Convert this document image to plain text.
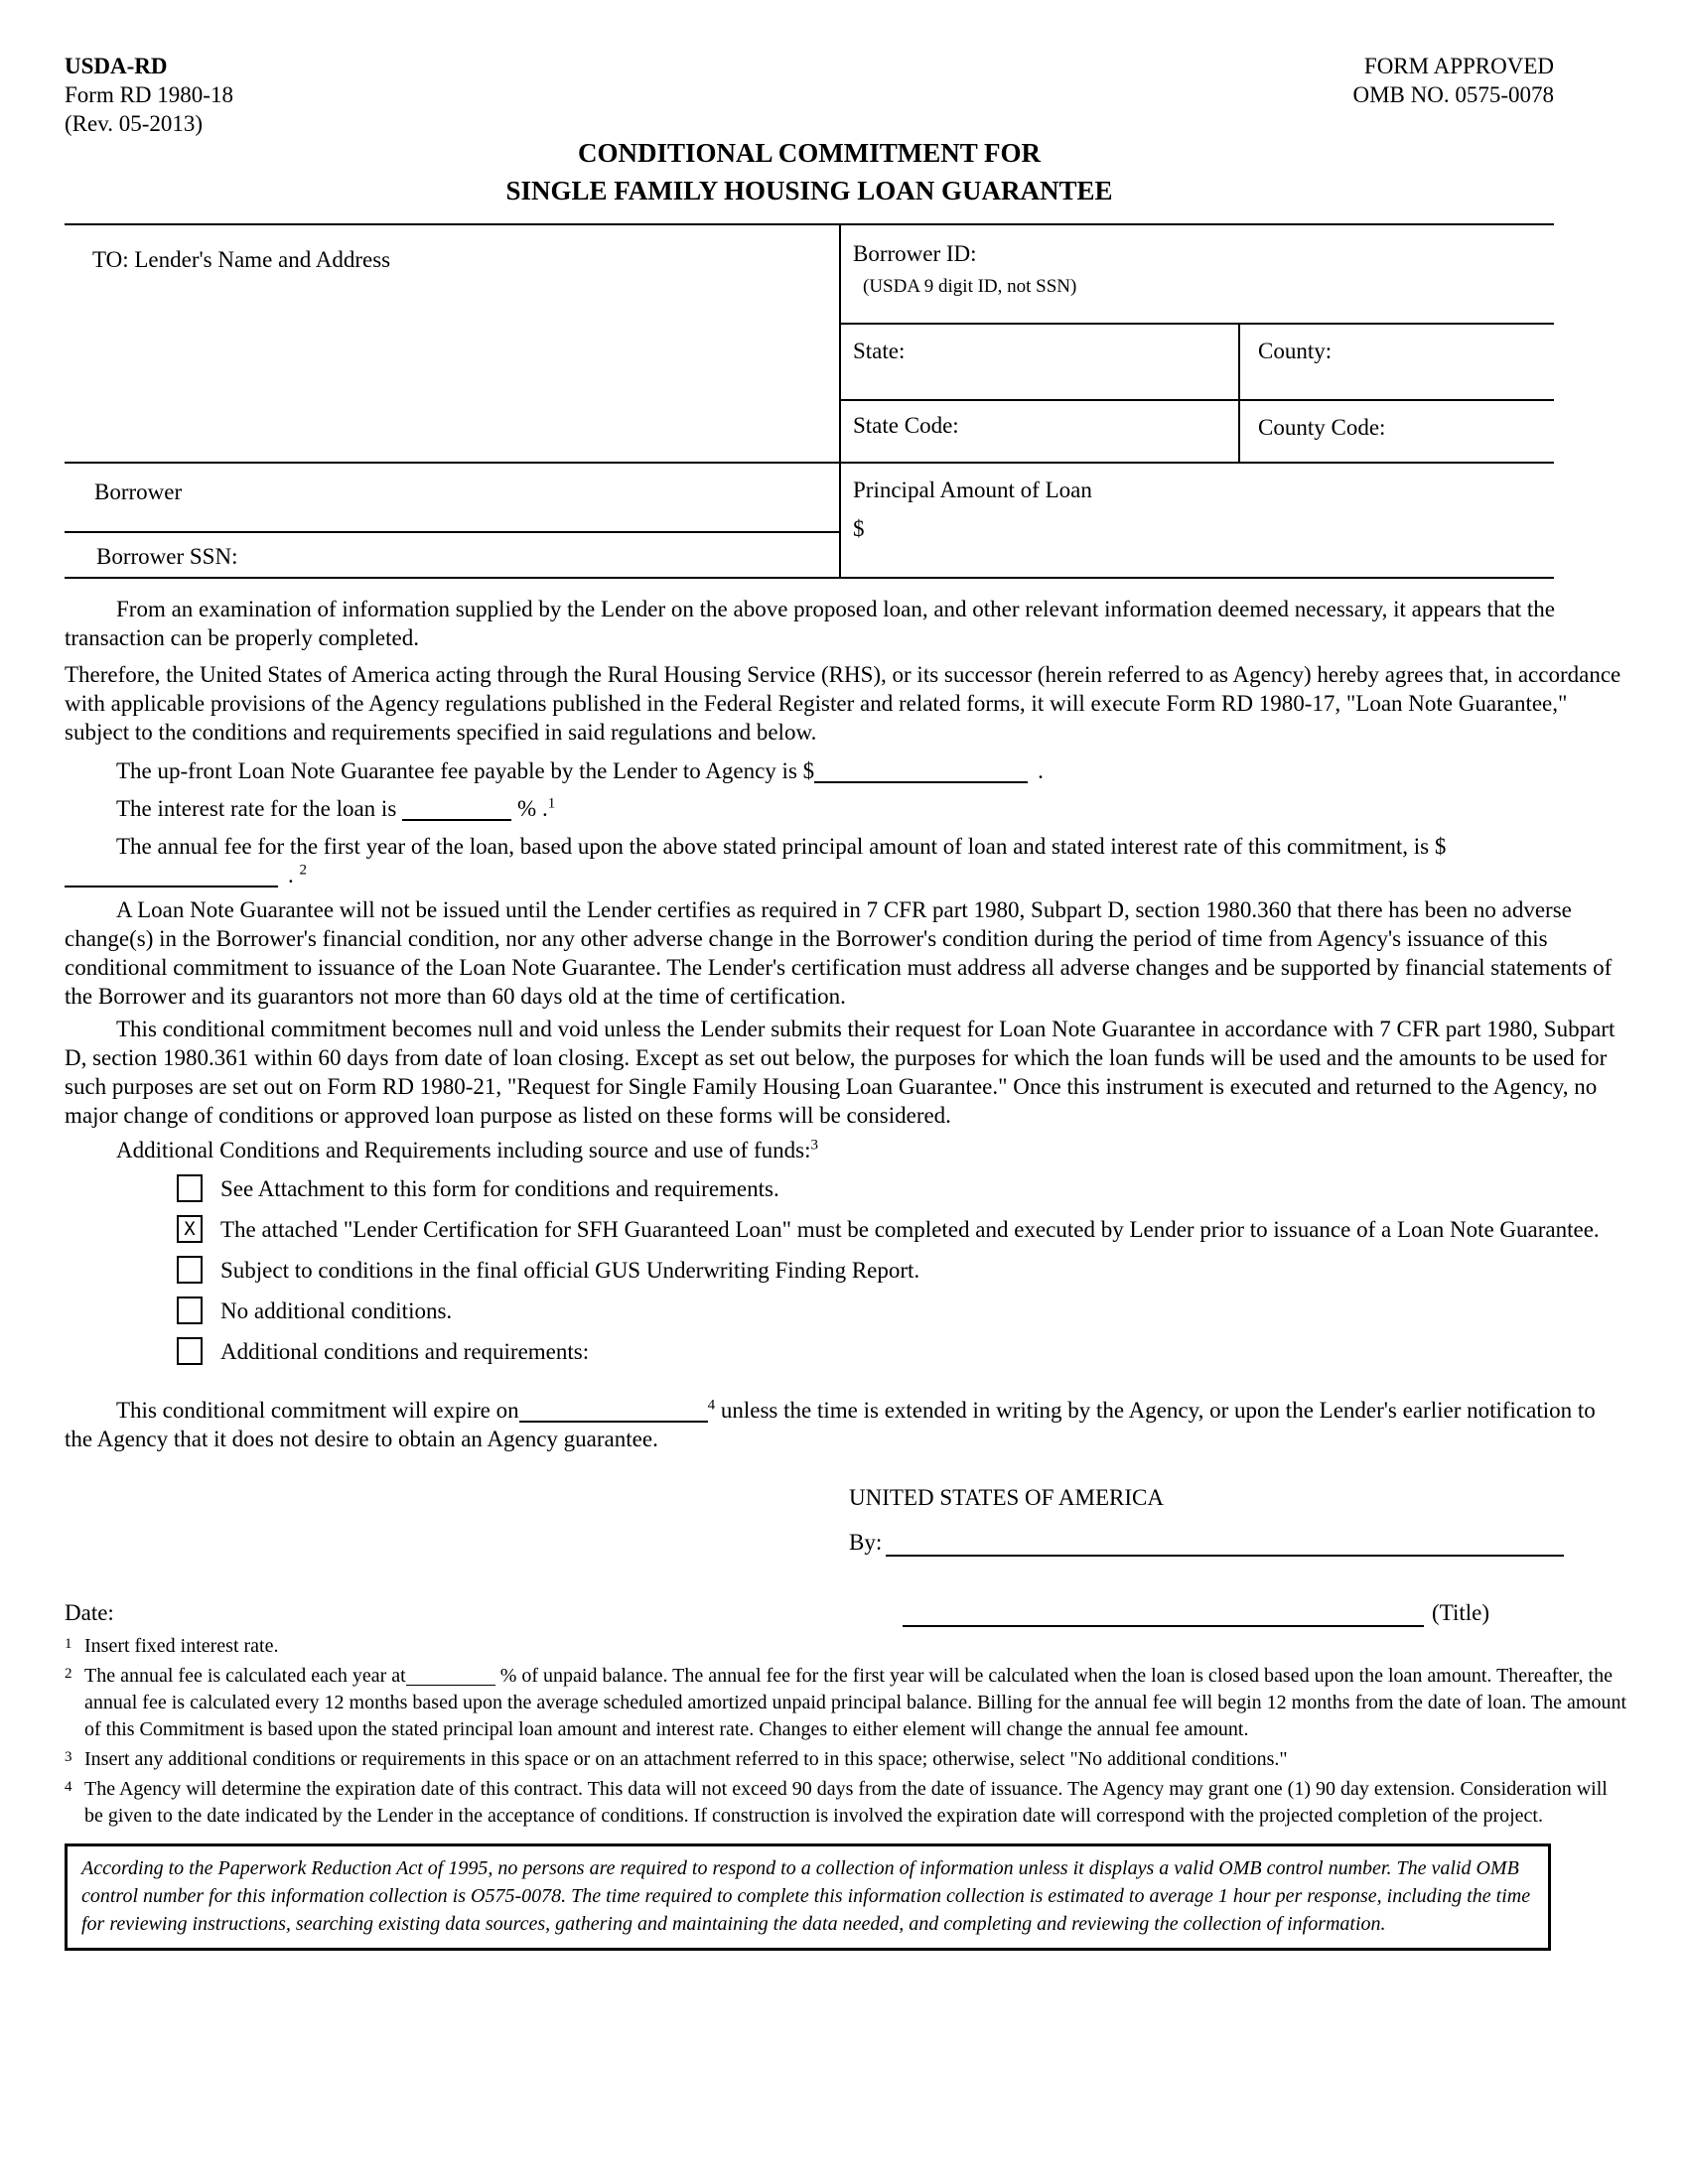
USDA-RD
Form RD 1980-18
(Rev. 05-2013)
FORM APPROVED
OMB NO. 0575-0078
CONDITIONAL COMMITMENT FOR
SINGLE FAMILY HOUSING LOAN GUARANTEE
TO: Lender's Name and Address	Borrower ID:
(USDA 9 digit ID, not SSN)
State:	County:
State Code:	County Code:
Borrower
Borrower SSN:
Principal Amount of Loan
$

From an examination of information supplied by the Lender on the above proposed loan, and other relevant information deemed necessary, it appears that the transaction can be properly completed.

Therefore, the United States of America acting through the Rural Housing Service (RHS), or its successor (herein referred to as Agency) hereby agrees that, in accordance with applicable provisions of the Agency regulations published in the Federal Register and related forms, it will execute Form RD 1980-17, "Loan Note Guarantee," subject to the conditions and requirements specified in said regulations and below.

The up-front Loan Note Guarantee fee payable by the Lender to Agency is $	.
The interest rate for the loan is	% .$^1$
The annual fee for the first year of the loan, based upon the above stated principal amount of loan and stated interest rate of this commitment, is $. $^2$

A Loan Note Guarantee will not be issued until the Lender certifies as required in 7 CFR part 1980, Subpart D, section 1980.360 that there has been no adverse change(s) in the Borrower's financial condition, nor any other adverse change in the Borrower's condition during the period of time from Agency's issuance of this conditional commitment to issuance of the Loan Note Guarantee. The Lender's certification must address all adverse changes and be supported by financial statements of the Borrower and its guarantors not more than 60 days old at the time of certification.

This conditional commitment becomes null and void unless the Lender submits their request for Loan Note Guarantee in accordance with 7 CFR part 1980, Subpart D, section 1980.361 within 60 days from date of loan closing. Except as set out below, the purposes for which the loan funds will be used and the amounts to be used for such purposes are set out on Form RD 1980-21, "Request for Single Family Housing Loan Guarantee." Once this instrument is executed and returned to the Agency, no major change of conditions or approved loan purpose as listed on these forms will be considered.

Additional Conditions and Requirements including source and use of funds:$^3$
See Attachment to this form for conditions and requirements.
X	The attached "Lender Certification for SFH Guaranteed Loan" must be completed and executed by Lender prior to issuance of a Loan Note Guarantee.
Subject to conditions in the final official GUS Underwriting Finding Report.
No additional conditions.
Additional conditions and requirements:

This conditional commitment will expire on	$^4$ unless the time is extended in writing by the Agency, or upon the Lender's earlier notification to the Agency that it does not desire to obtain an Agency guarantee.

UNITED STATES OF AMERICA
By:
Date:	(Title)
1 Insert fixed interest rate.
2 The annual fee is calculated each year at	% of unpaid balance. The annual fee for the first year will be calculated when the loan is closed based upon the loan amount. Thereafter, the annual fee is calculated every 12 months based upon the average scheduled amortized unpaid principal balance. Billing for the annual fee will begin 12 months from the date of loan. The amount of this Commitment is based upon the stated principal loan amount and interest rate. Changes to either element will change the annual fee amount.
3 Insert any additional conditions or requirements in this space or on an attachment referred to in this space; otherwise, select "No additional conditions."
4 The Agency will determine the expiration date of this contract. This data will not exceed 90 days from the date of issuance. The Agency may grant one (1) 90 day extension. Consideration will be given to the date indicated by the Lender in the acceptance of conditions. If construction is involved the expiration date will correspond with the projected completion of the project.
According to the Paperwork Reduction Act of 1995, no persons are required to respond to a collection of information unless it displays a valid OMB control number. The valid OMB control number for this information collection is O575-0078. The time required to complete this information collection is estimated to average 1 hour per response, including the time for reviewing instructions, searching existing data sources, gathering and maintaining the data needed, and completing and reviewing the collection of information.
